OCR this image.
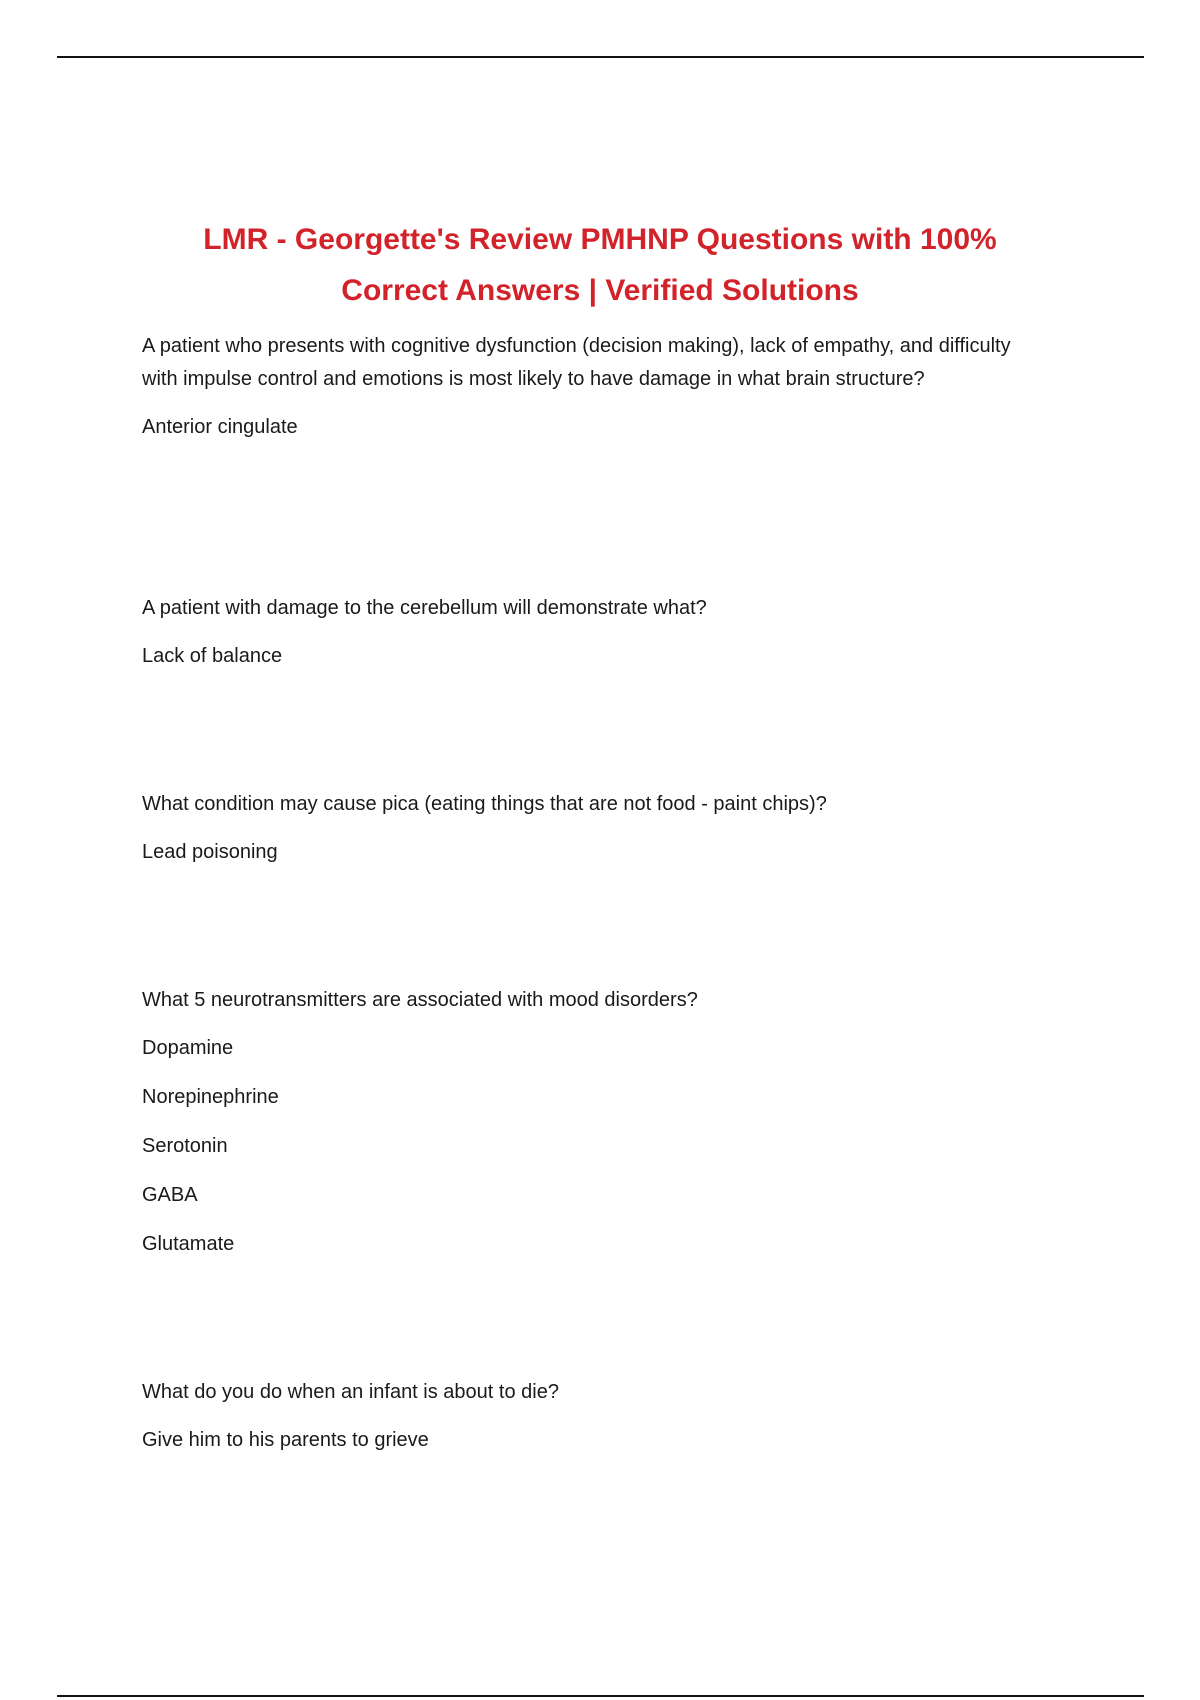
LMR - Georgette's Review PMHNP Questions with 100%
Correct Answers | Verified Solutions

A patient who presents with cognitive dysfunction (decision making), lack of empathy, and difficulty with impulse control and emotions is most likely to have damage in what brain structure?

Anterior cingulate

A patient with damage to the cerebellum will demonstrate what?

Lack of balance

What condition may cause pica (eating things that are not food - paint chips)?

Lead poisoning

What 5 neurotransmitters are associated with mood disorders?

Dopamine
Norepinephrine
Serotonin
GABA
Glutamate

What do you do when an infant is about to die?

Give him to his parents to grieve
